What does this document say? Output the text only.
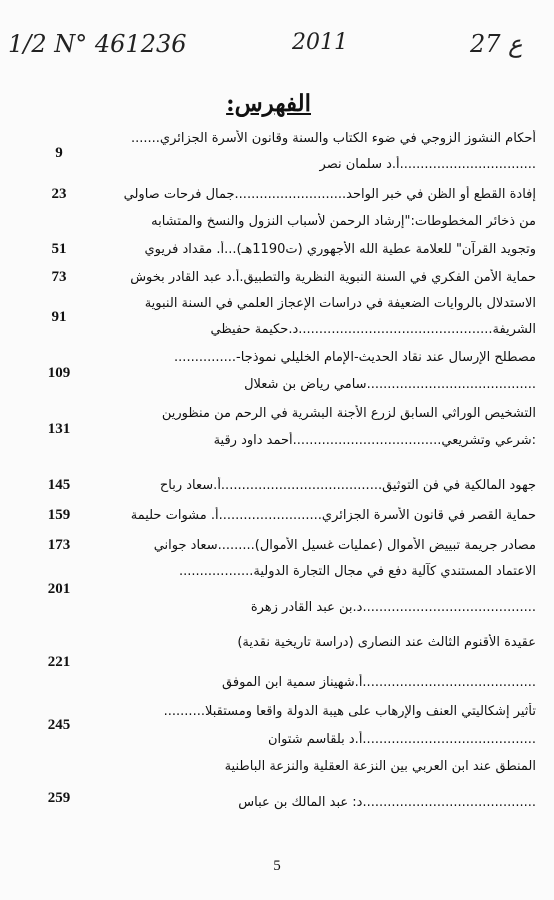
1/2 N° 461236	2011	27 ع
الفهرس:
أحكام النشوز الزوجي في ضوء الكتاب والسنة وقانون الأسرة الجزائري.......
.................................أ.د سلمان نصر
9
إفادة القطع أو الظن في خبر الواحد...........................جمال فرحات صاولي
23
من ذخائر المخطوطات:"إرشاد الرحمن لأسباب النزول والنسخ والمتشابه
وتجويد القرآن" للعلامة عطية الله الأجهوري (ت1190هـ)...أ. مقداد فريوي
51
حماية الأمن الفكري في السنة النبوية النظرية والتطبيق.أ.د عبد القادر بخوش
73
الاستدلال بالروايات الضعيفة في دراسات الإعجاز العلمي في السنة النبوية
الشريفة...............................................د.حكيمة حفيظي
91
مصطلح الإرسال عند نقاد الحديث-الإمام الخليلي نموذجا-...............
.........................................سامي رياض بن شعلال
109
التشخيص الوراثي السابق لزرع الأجنة البشرية في الرحم من منظورين
:شرعي وتشريعي....................................أحمد داود رقية
131
جهود المالكية في فن التوثيق.......................................أ.سعاد رباح
145
حماية القصر في قانون الأسرة الجزائري.........................أ. مشوات حليمة
159
مصادر جريمة تبييض الأموال (عمليات غسيل الأموال).........سعاد جواني
173
الاعتماد المستندي كآلية دفع في مجال التجارة الدولية..................
..........................................د.بن عبد القادر زهرة
201
عقيدة الأقنوم الثالث عند النصارى (دراسة تاريخية نقدية)
..........................................أ.شهيناز سمية ابن الموفق
221
تأثير إشكاليتي العنف والإرهاب على هيبة الدولة واقعا ومستقبلا..........
..........................................أ.د بلقاسم شتوان
245
المنطق عند ابن العربي بين النزعة العقلية والنزعة الباطنية
..........................................د: عبد المالك بن عباس
259
5
